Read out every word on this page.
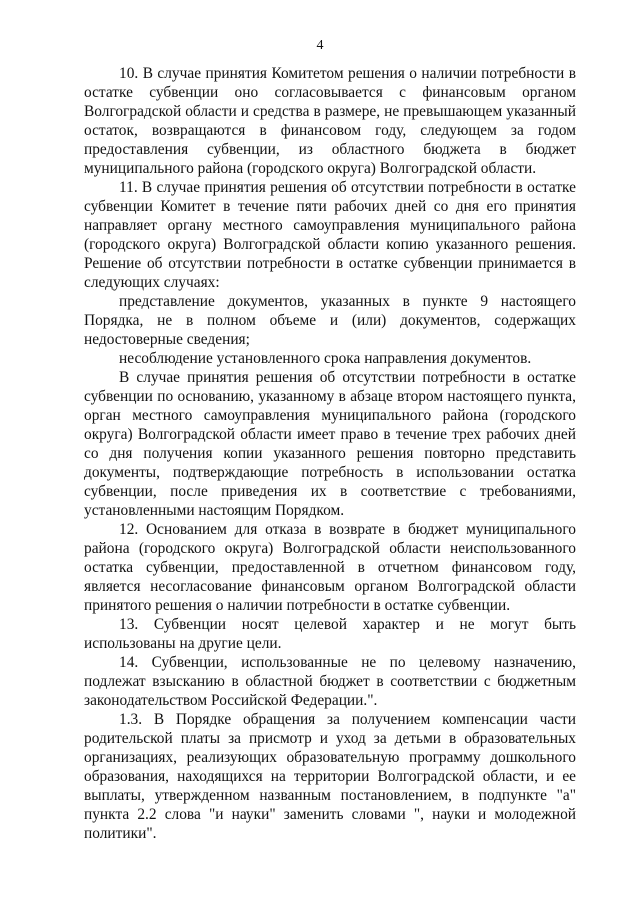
4

10. В случае принятия Комитетом решения о наличии потребности в остатке субвенции оно согласовывается с финансовым органом Волгоградской области и средства в размере, не превышающем указанный остаток, возвращаются в финансовом году, следующем за годом предоставления субвенции, из областного бюджета в бюджет муниципального района (городского округа) Волгоградской области.

11. В случае принятия решения об отсутствии потребности в остатке субвенции Комитет в течение пяти рабочих дней со дня его принятия направляет органу местного самоуправления муниципального района (городского округа) Волгоградской области копию указанного решения. Решение об отсутствии потребности в остатке субвенции принимается в следующих случаях:

представление документов, указанных в пункте 9 настоящего Порядка, не в полном объеме и (или) документов, содержащих недостоверные сведения;

несоблюдение установленного срока направления документов.

В случае принятия решения об отсутствии потребности в остатке субвенции по основанию, указанному в абзаце втором настоящего пункта, орган местного самоуправления муниципального района (городского округа) Волгоградской области имеет право в течение трех рабочих дней со дня получения копии указанного решения повторно представить документы, подтверждающие потребность в использовании остатка субвенции, после приведения их в соответствие с требованиями, установленными настоящим Порядком.

12. Основанием для отказа в возврате в бюджет муниципального района (городского округа) Волгоградской области неиспользованного остатка субвенции, предоставленной в отчетном финансовом году, является несогласование финансовым органом Волгоградской области принятого решения о наличии потребности в остатке субвенции.

13. Субвенции носят целевой характер и не могут быть использованы на другие цели.

14. Субвенции, использованные не по целевому назначению, подлежат взысканию в областной бюджет в соответствии с бюджетным законодательством Российской Федерации.".

1.3. В Порядке обращения за получением компенсации части родительской платы за присмотр и уход за детьми в образовательных организациях, реализующих образовательную программу дошкольного образования, находящихся на территории Волгоградской области, и ее выплаты, утвержденном названным постановлением, в подпункте "а" пункта 2.2 слова "и науки" заменить словами ", науки и молодежной политики".
